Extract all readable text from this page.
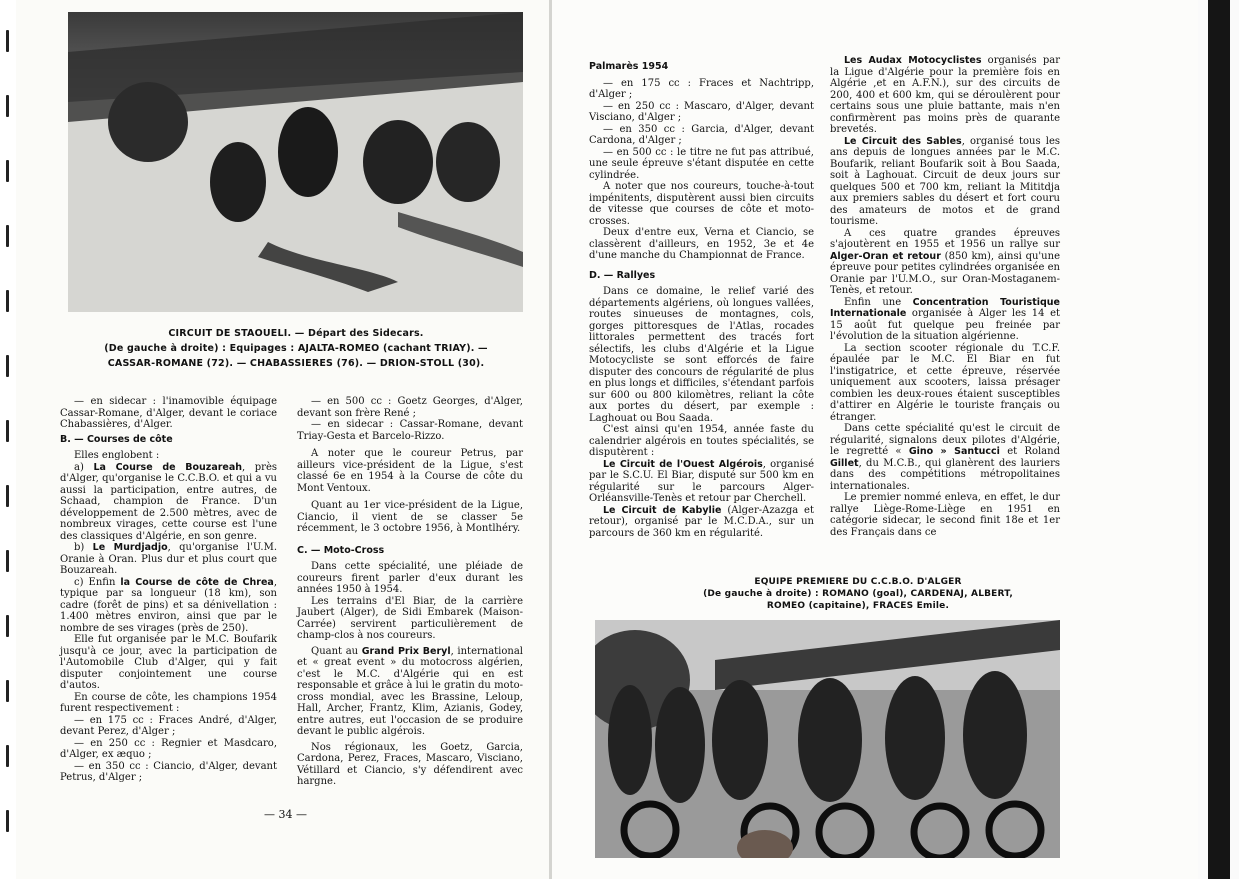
CIRCUIT DE STAOUELI. — Départ des Sidecars.
(De gauche à droite) : Equipages : AJALTA-ROMEO (cachant TRIAY). —
CASSAR-ROMANE (72). — CHABASSIERES (76). — DRION-STOLL (30).

— en sidecar : l'inamovible équipage Cassar-Romane, d'Alger, devant le coriace Chabassières, d'Alger.

B. — Courses de côte

Elles englobent :

a) La Course de Bouzareah, près d'Alger, qu'organise le C.C.B.O. et qui a vu aussi la participation, entre autres, de Schaad, champion de France. D'un développement de 2.500 mètres, avec de nombreux virages, cette course est l'une des classiques d'Algérie, en son genre.

b) Le Murdjadjo, qu'organise l'U.M. Oranie à Oran. Plus dur et plus court que Bouzareah.

c) Enfin la Course de côte de Chrea, typique par sa longueur (18 km), son cadre (forêt de pins) et sa dénivellation : 1.400 mètres environ, ainsi que par le nombre de ses virages (près de 250).

Elle fut organisée par le M.C. Boufarik jusqu'à ce jour, avec la participation de l'Automobile Club d'Alger, qui y fait disputer conjointement une course d'autos.

En course de côte, les champions 1954 furent respectivement :

— en 175 cc : Fraces André, d'Alger, devant Perez, d'Alger ;

— en 250 cc : Regnier et Masdcaro, d'Alger, ex æquo ;

— en 350 cc : Ciancio, d'Alger, devant Petrus, d'Alger ;

— en 500 cc : Goetz Georges, d'Alger, devant son frère René ;

— en sidecar : Cassar-Romane, devant Triay-Gesta et Barcelo-Rizzo.

A noter que le coureur Petrus, par ailleurs vice-président de la Ligue, s'est classé 6e en 1954 à la Course de côte du Mont Ventoux.

Quant au 1er vice-président de la Ligue, Ciancio, il vient de se classer 5e récemment, le 3 octobre 1956, à Montlhéry.

C. — Moto-Cross

Dans cette spécialité, une pléiade de coureurs firent parler d'eux durant les années 1950 à 1954.

Les terrains d'El Biar, de la carrière Jaubert (Alger), de Sidi Embarek (Maison-Carrée) servirent particulièrement de champ-clos à nos coureurs.

Quant au Grand Prix Beryl, international et « great event » du motocross algérien, c'est le M.C. d'Algérie qui en est responsable et grâce à lui le gratin du moto-cross mondial, avec les Brassine, Leloup, Hall, Archer, Frantz, Klim, Azianis, Godey, entre autres, eut l'occasion de se produire devant le public algérois.

Nos régionaux, les Goetz, Garcia, Cardona, Perez, Fraces, Mascaro, Visciano, Vétillard et Ciancio, s'y défendirent avec hargne.

— 34 —
Palmarès 1954

— en 175 cc : Fraces et Nachtripp, d'Alger ;

— en 250 cc : Mascaro, d'Alger, devant Visciano, d'Alger ;

— en 350 cc : Garcia, d'Alger, devant Cardona, d'Alger ;

— en 500 cc : le titre ne fut pas attribué, une seule épreuve s'étant disputée en cette cylindrée.

A noter que nos coureurs, touche-à-tout impénitents, disputèrent aussi bien circuits de vitesse que courses de côte et moto-crosses.

Deux d'entre eux, Verna et Ciancio, se classèrent d'ailleurs, en 1952, 3e et 4e d'une manche du Championnat de France.

D. — Rallyes

Dans ce domaine, le relief varié des départements algériens, où longues vallées, routes sinueuses de montagnes, cols, gorges pittoresques de l'Atlas, rocades littorales permettent des tracés fort sélectifs, les clubs d'Algérie et la Ligue Motocycliste se sont efforcés de faire disputer des concours de régularité de plus en plus longs et difficiles, s'étendant parfois sur 600 ou 800 kilomètres, reliant la côte aux portes du désert, par exemple : Laghouat ou Bou Saada.

C'est ainsi qu'en 1954, année faste du calendrier algérois en toutes spécialités, se disputèrent :

Le Circuit de l'Ouest Algérois, organisé par le S.C.U. El Biar, disputé sur 500 km en régularité sur le parcours Alger-Orléansville-Tenès et retour par Cherchell.

Le Circuit de Kabylie (Alger-Azazga et retour), organisé par le M.C.D.A., sur un parcours de 360 km en régularité.

Les Audax Motocyclistes organisés par la Ligue d'Algérie pour la première fois en Algérie ,et en A.F.N.), sur des circuits de 200, 400 et 600 km, qui se déroulèrent pour certains sous une pluie battante, mais n'en confirmèrent pas moins près de quarante brevetés.

Le Circuit des Sables, organisé tous les ans depuis de longues années par le M.C. Boufarik, reliant Boufarik soit à Bou Saada, soit à Laghouat. Circuit de deux jours sur quelques 500 et 700 km, reliant la Mititdja aux premiers sables du désert et fort couru des amateurs de motos et de grand tourisme.

A ces quatre grandes épreuves s'ajoutèrent en 1955 et 1956 un rallye sur Alger-Oran et retour (850 km), ainsi qu'une épreuve pour petites cylindrées organisée en Oranie par l'U.M.O., sur Oran-Mostaganem-Tenès, et retour.

Enfin une Concentration Touristique Internationale organisée à Alger les 14 et 15 août fut quelque peu freinée par l'évolution de la situation algérienne.

La section scooter régionale du T.C.F. épaulée par le M.C. El Biar en fut l'instigatrice, et cette épreuve, réservée uniquement aux scooters, laissa présager combien les deux-roues étaient susceptibles d'attirer en Algérie le touriste français ou étranger.

Dans cette spécialité qu'est le circuit de régularité, signalons deux pilotes d'Algérie, le regretté « Gino » Santucci et Roland Gillet, du M.C.B., qui glanèrent des lauriers dans des compétitions métropolitaines internationales.

Le premier nommé enleva, en effet, le dur rallye Liège-Rome-Liège en 1951 en catégorie sidecar, le second finit 18e et 1er des Français dans ce

EQUIPE PREMIERE DU C.C.B.O. D'ALGER
(De gauche à droite) : ROMANO (goal), CARDENAJ, ALBERT,
ROMEO (capitaine), FRACES Emile.
